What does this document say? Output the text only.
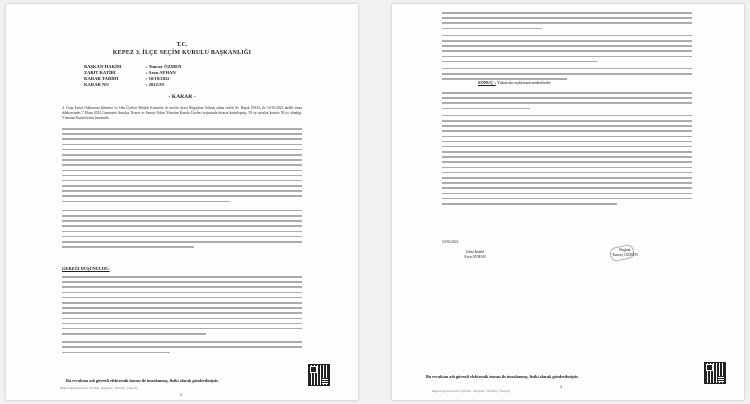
T.C.
KEPEZ 3. İLÇE SEÇİM KURULU BAŞKANLIĞI
BAŞKAN-HAKİM	: Tuncay ÖZMEN
ZABIT KATİBİ	: Arzu AYHAN
KARAR TARİHİ	: 10/10/2022
KARAR NO	: 2022/29
- KARAR -
4. Grup Esnaf Odalarının İşlemesi ve Oda Üyeleri Meslek Komitesi ve meclis üyesi Boğaçhan Göktaş adına vekili Av. Başak ÖNAL ile 10/10/2022 tarihli itiraz dilekçesinde; 7 Ekim 2022 Cumartesi Antalya Ticaret ve Sanayi Odası Yönetim Kurulu Üyeleri seçiminde itirazın kesinleşmiş, 59 oy, meslek komite 58 oy alındığı, Yönetim Kurulu karar listesinde...
GEREĞİ DÜŞÜNÜLDÜ:
Bu evraktan adı güvenli elektronik imzası ile imzalanmış, fiziki olarak gönderilmiştir.
Belge Doğrulama Kodu: g7s7bef · öbkgöhzü · hfrr2zog · TGsonhg
1
SONUÇ : Yukarıda açıklanan nedenlerle;
10/10/2022
Zabıt Katibi
Arzu AYHAN
Başkan
Tuncay ÖZMEN
Bu evraktan adı güvenli elektronik imzası ile imzalanmış, fiziki olarak gönderilmiştir.
Belge Doğrulama Kodu: g7s7bef · öbkgöhzü · hfrr2zog · TGsonhg
2
